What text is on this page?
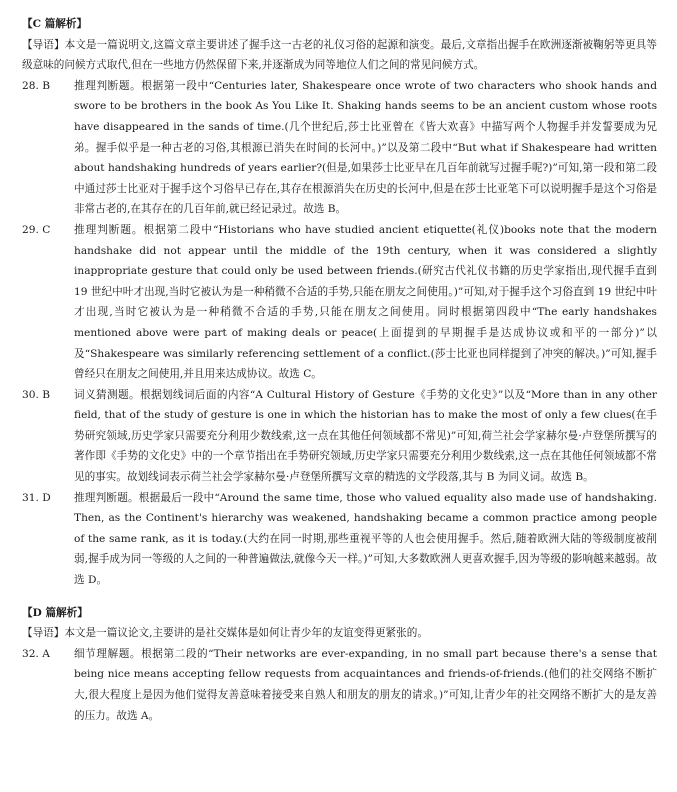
【C 篇解析】

【导语】本文是一篇说明文,这篇文章主要讲述了握手这一古老的礼仪习俗的起源和演变。最后,文章指出握手在欧洲逐渐被鞠躬等更具等级意味的问候方式取代,但在一些地方仍然保留下来,并逐渐成为同等地位人们之间的常见问候方式。

28. B	推理判断题。根据第一段中“Centuries later, Shakespeare once wrote of two characters who shook hands and swore to be brothers in the book As You Like It. Shaking hands seems to be an ancient custom whose roots have disappeared in the sands of time.(几个世纪后,莎士比亚曾在《皆大欢喜》中描写两个人物握手并发誓要成为兄弟。握手似乎是一种古老的习俗,其根源已消失在时间的长河中。)”以及第二段中“But what if Shakespeare had written about handshaking hundreds of years earlier?(但是,如果莎士比亚早在几百年前就写过握手呢?)”可知,第一段和第二段中通过莎士比亚对于握手这个习俗早已存在,其存在根源消失在历史的长河中,但是在莎士比亚笔下可以说明握手是这个习俗是非常古老的,在其存在的几百年前,就已经记录过。故选 B。
29. C	推理判断题。根据第二段中“Historians who have studied ancient etiquette(礼仪)books note that the modern handshake did not appear until the middle of the 19th century, when it was considered a slightly inappropriate gesture that could only be used between friends.(研究古代礼仪书籍的历史学家指出,现代握手直到 19 世纪中叶才出现,当时它被认为是一种稍微不合适的手势,只能在朋友之间使用。)”可知,对于握手这个习俗直到 19 世纪中叶才出现,当时它被认为是一种稍微不合适的手势,只能在朋友之间使用。同时根据第四段中“The early handshakes mentioned above were part of making deals or peace(上面提到的早期握手是达成协议或和平的一部分)”以及“Shakespeare was similarly referencing settlement of a conflict.(莎士比亚也同样提到了冲突的解决。)”可知,握手曾经只在朋友之间使用,并且用来达成协议。故选 C。
30. B	词义猜测题。根据划线词后面的内容“A Cultural History of Gesture《手势的文化史》”以及“More than in any other field, that of the study of gesture is one in which the historian has to make the most of only a few clues(在手势研究领域,历史学家只需要充分利用少数线索,这一点在其他任何领域都不常见)”可知,荷兰社会学家赫尔曼·卢登堡所撰写的著作即《手势的文化史》中的一个章节指出在手势研究领域,历史学家只需要充分利用少数线索,这一点在其他任何领域都不常见的事实。故划线词表示荷兰社会学家赫尔曼·卢登堡所撰写文章的精选的文学段落,其与 B 为同义词。故选 B。
31. D	推理判断题。根据最后一段中“Around the same time, those who valued equality also made use of handshaking. Then, as the Continent's hierarchy was weakened, handshaking became a common practice among people of the same rank, as it is today.(大约在同一时期,那些重视平等的人也会使用握手。然后,随着欧洲大陆的等级制度被削弱,握手成为同一等级的人之间的一种普遍做法,就像今天一样。)”可知,大多数欧洲人更喜欢握手,因为等级的影响越来越弱。故选 D。

【D 篇解析】

【导语】本文是一篇议论文,主要讲的是社交媒体是如何让青少年的友谊变得更紧张的。

32. A	细节理解题。根据第二段的“Their networks are ever-expanding, in no small part because there's a sense that being nice means accepting fellow requests from acquaintances and friends-of-friends.(他们的社交网络不断扩大,很大程度上是因为他们觉得友善意味着接受来自熟人和朋友的朋友的请求。)”可知,让青少年的社交网络不断扩大的是友善的压力。故选 A。
